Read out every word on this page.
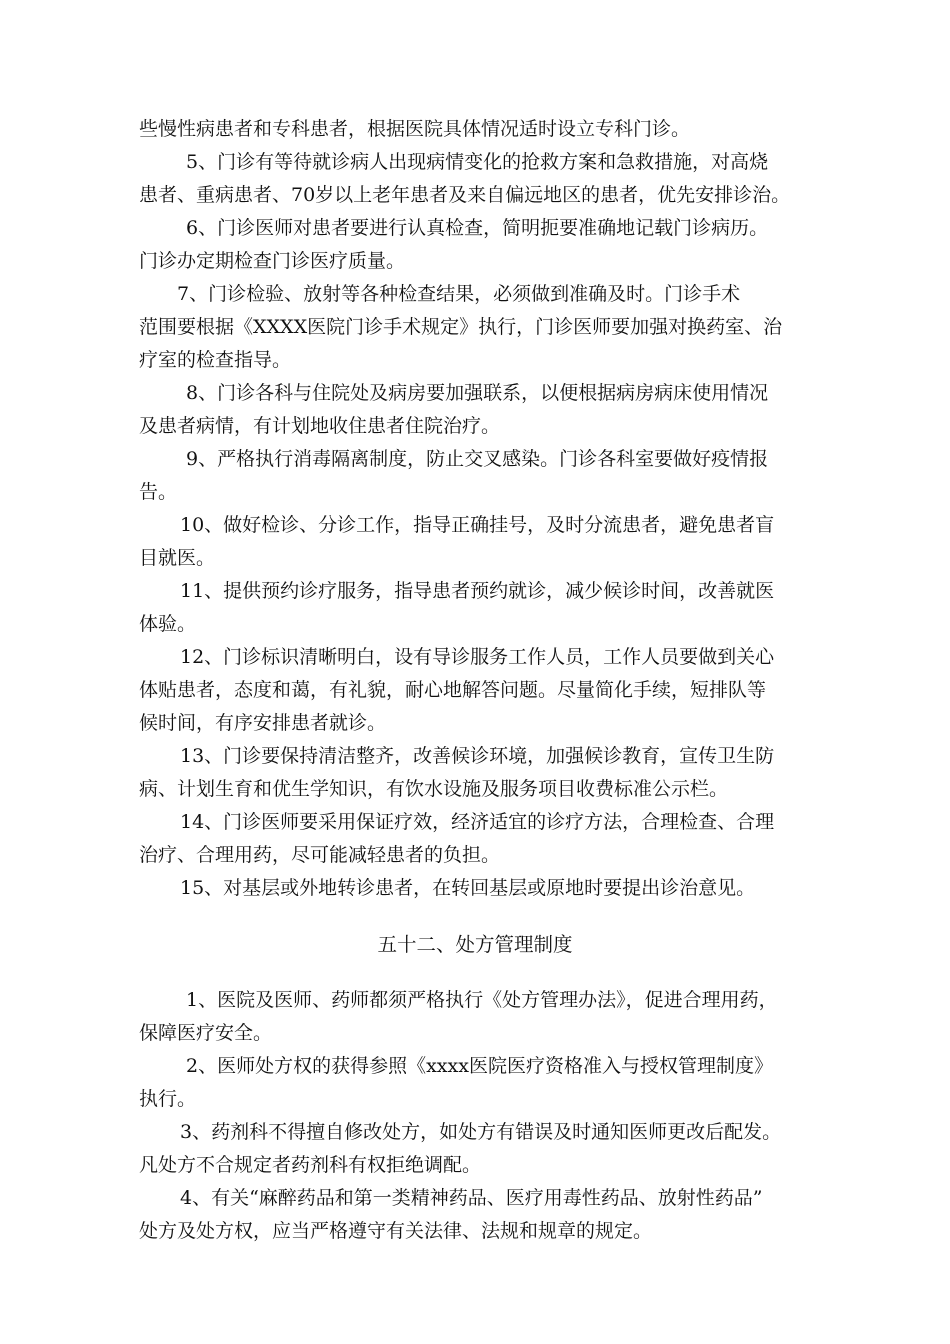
些慢性病患者和专科患者，根据医院具体情况适时设立专科门诊。
5、门诊有等待就诊病人出现病情变化的抢救方案和急救措施，对高烧
患者、重病患者、70岁以上老年患者及来自偏远地区的患者，优先安排诊治。
6、门诊医师对患者要进行认真检查，简明扼要准确地记载门诊病历。
门诊办定期检查门诊医疗质量。
7、门诊检验、放射等各种检查结果，必须做到准确及时。门诊手术
范围要根据《XXXX医院门诊手术规定》执行，门诊医师要加强对换药室、治
疗室的检查指导。
8、门诊各科与住院处及病房要加强联系，以便根据病房病床使用情况
及患者病情，有计划地收住患者住院治疗。
9、严格执行消毒隔离制度，防止交叉感染。门诊各科室要做好疫情报
告。
10、做好检诊、分诊工作，指导正确挂号，及时分流患者，避免患者盲
目就医。
11、提供预约诊疗服务，指导患者预约就诊，减少候诊时间，改善就医
体验。
12、门诊标识清晰明白，设有导诊服务工作人员，工作人员要做到关心
体贴患者，态度和蔼，有礼貌，耐心地解答问题。尽量简化手续，短排队等
候时间，有序安排患者就诊。
13、门诊要保持清洁整齐，改善候诊环境，加强候诊教育，宣传卫生防
病、计划生育和优生学知识，有饮水设施及服务项目收费标准公示栏。
14、门诊医师要采用保证疗效，经济适宜的诊疗方法，合理检查、合理
治疗、合理用药，尽可能减轻患者的负担。
15、对基层或外地转诊患者，在转回基层或原地时要提出诊治意见。
五十二、处方管理制度
1、医院及医师、药师都须严格执行《处方管理办法》，促进合理用药，
保障医疗安全。
2、医师处方权的获得参照《xxxx医院医疗资格准入与授权管理制度》
执行。
3、药剂科不得擅自修改处方，如处方有错误及时通知医师更改后配发。
凡处方不合规定者药剂科有权拒绝调配。
4、有关“麻醉药品和第一类精神药品、医疗用毒性药品、放射性药品”
处方及处方权，应当严格遵守有关法律、法规和规章的规定。
